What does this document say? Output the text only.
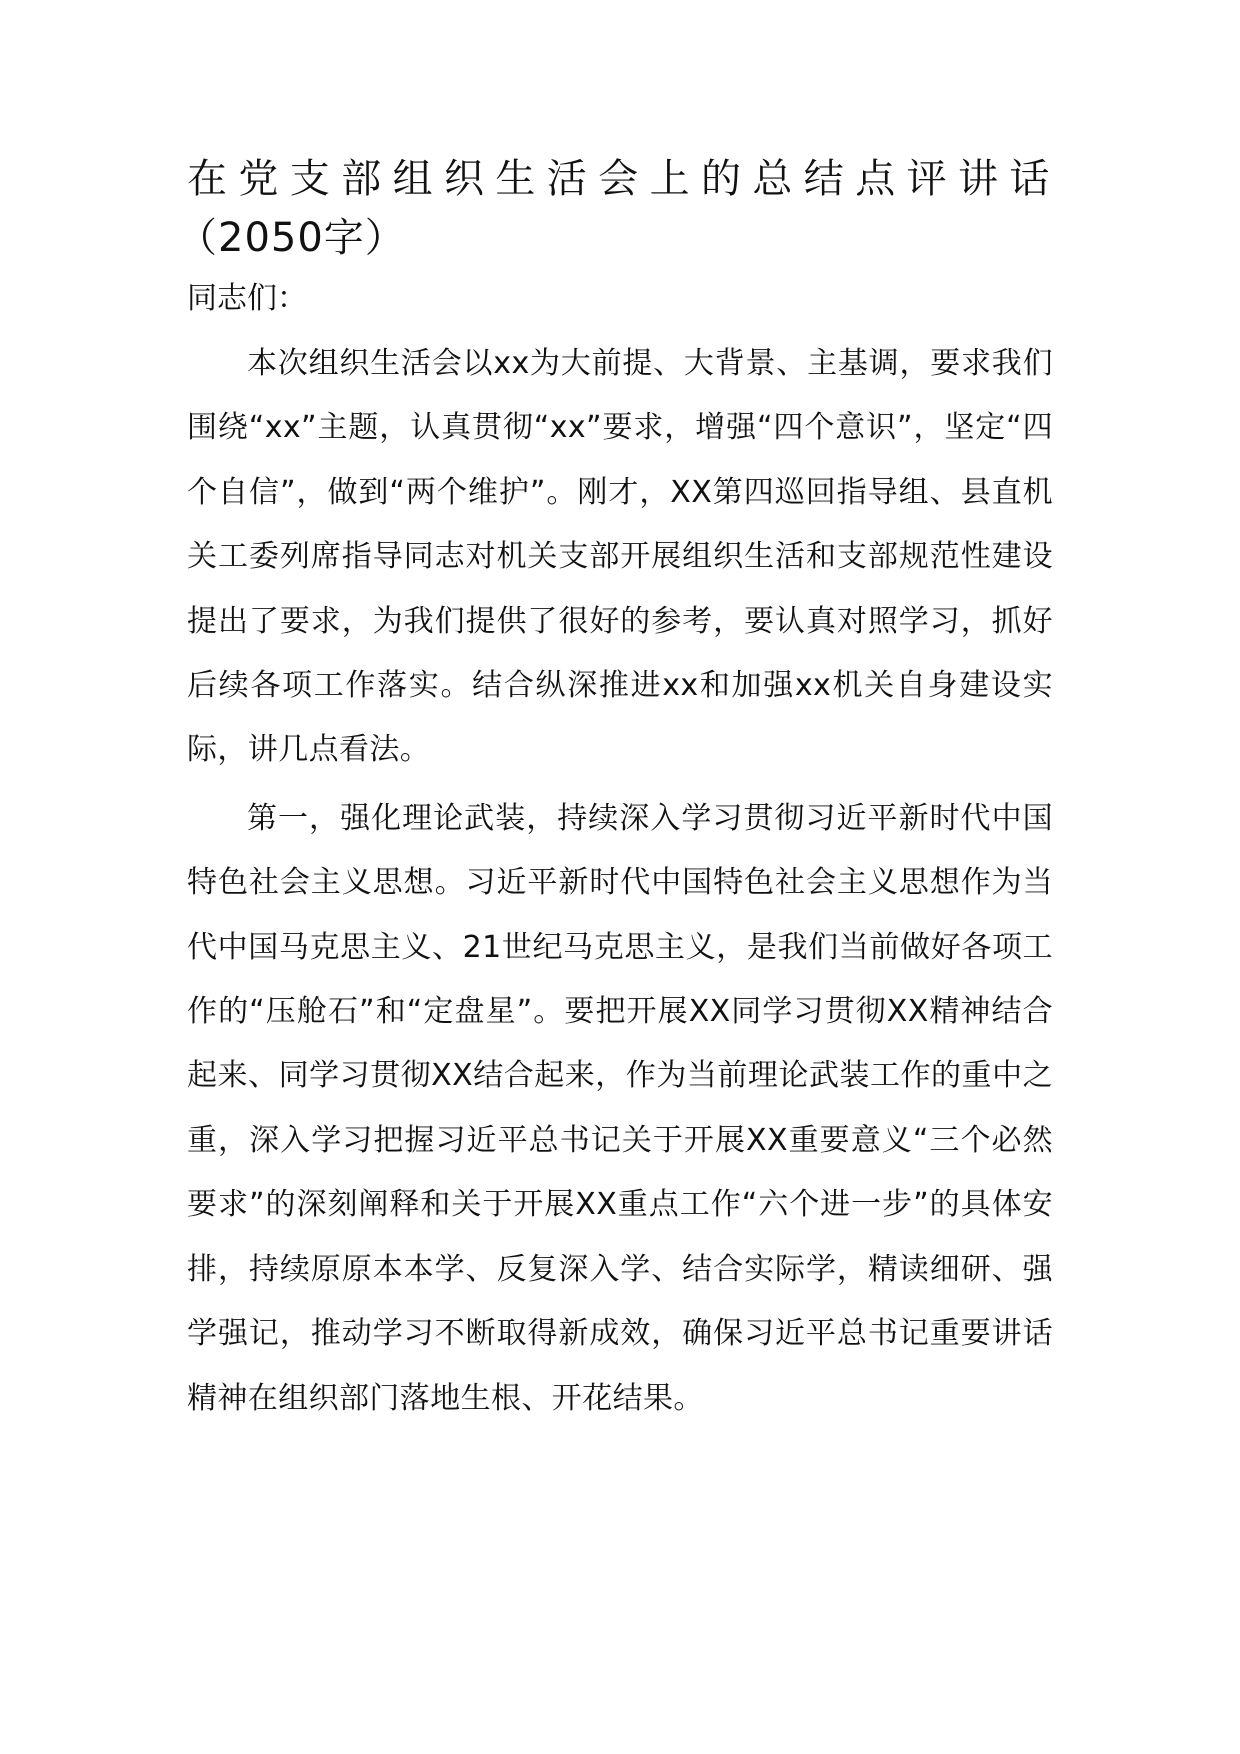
在党支部组织生活会上的总结点评讲话
（2050字）

同志们：

本次组织生活会以xx为大前提、大背景、主基调，要求我们围绕“xx”主题，认真贯彻“xx”要求，增强“四个意识”，坚定“四个自信”，做到“两个维护”。刚才，XX第四巡回指导组、县直机关工委列席指导同志对机关支部开展组织生活和支部规范性建设提出了要求，为我们提供了很好的参考，要认真对照学习，抓好后续各项工作落实。结合纵深推进xx和加强xx机关自身建设实际，讲几点看法。

第一，强化理论武装，持续深入学习贯彻习近平新时代中国特色社会主义思想。习近平新时代中国特色社会主义思想作为当代中国马克思主义、21世纪马克思主义，是我们当前做好各项工作的“压舱石”和“定盘星”。要把开展XX同学习贯彻XX精神结合起来、同学习贯彻XX结合起来，作为当前理论武装工作的重中之重，深入学习把握习近平总书记关于开展XX重要意义“三个必然要求”的深刻阐释和关于开展XX重点工作“六个进一步”的具体安排，持续原原本本学、反复深入学、结合实际学，精读细研、强学强记，推动学习不断取得新成效，确保习近平总书记重要讲话精神在组织部门落地生根、开花结果。
